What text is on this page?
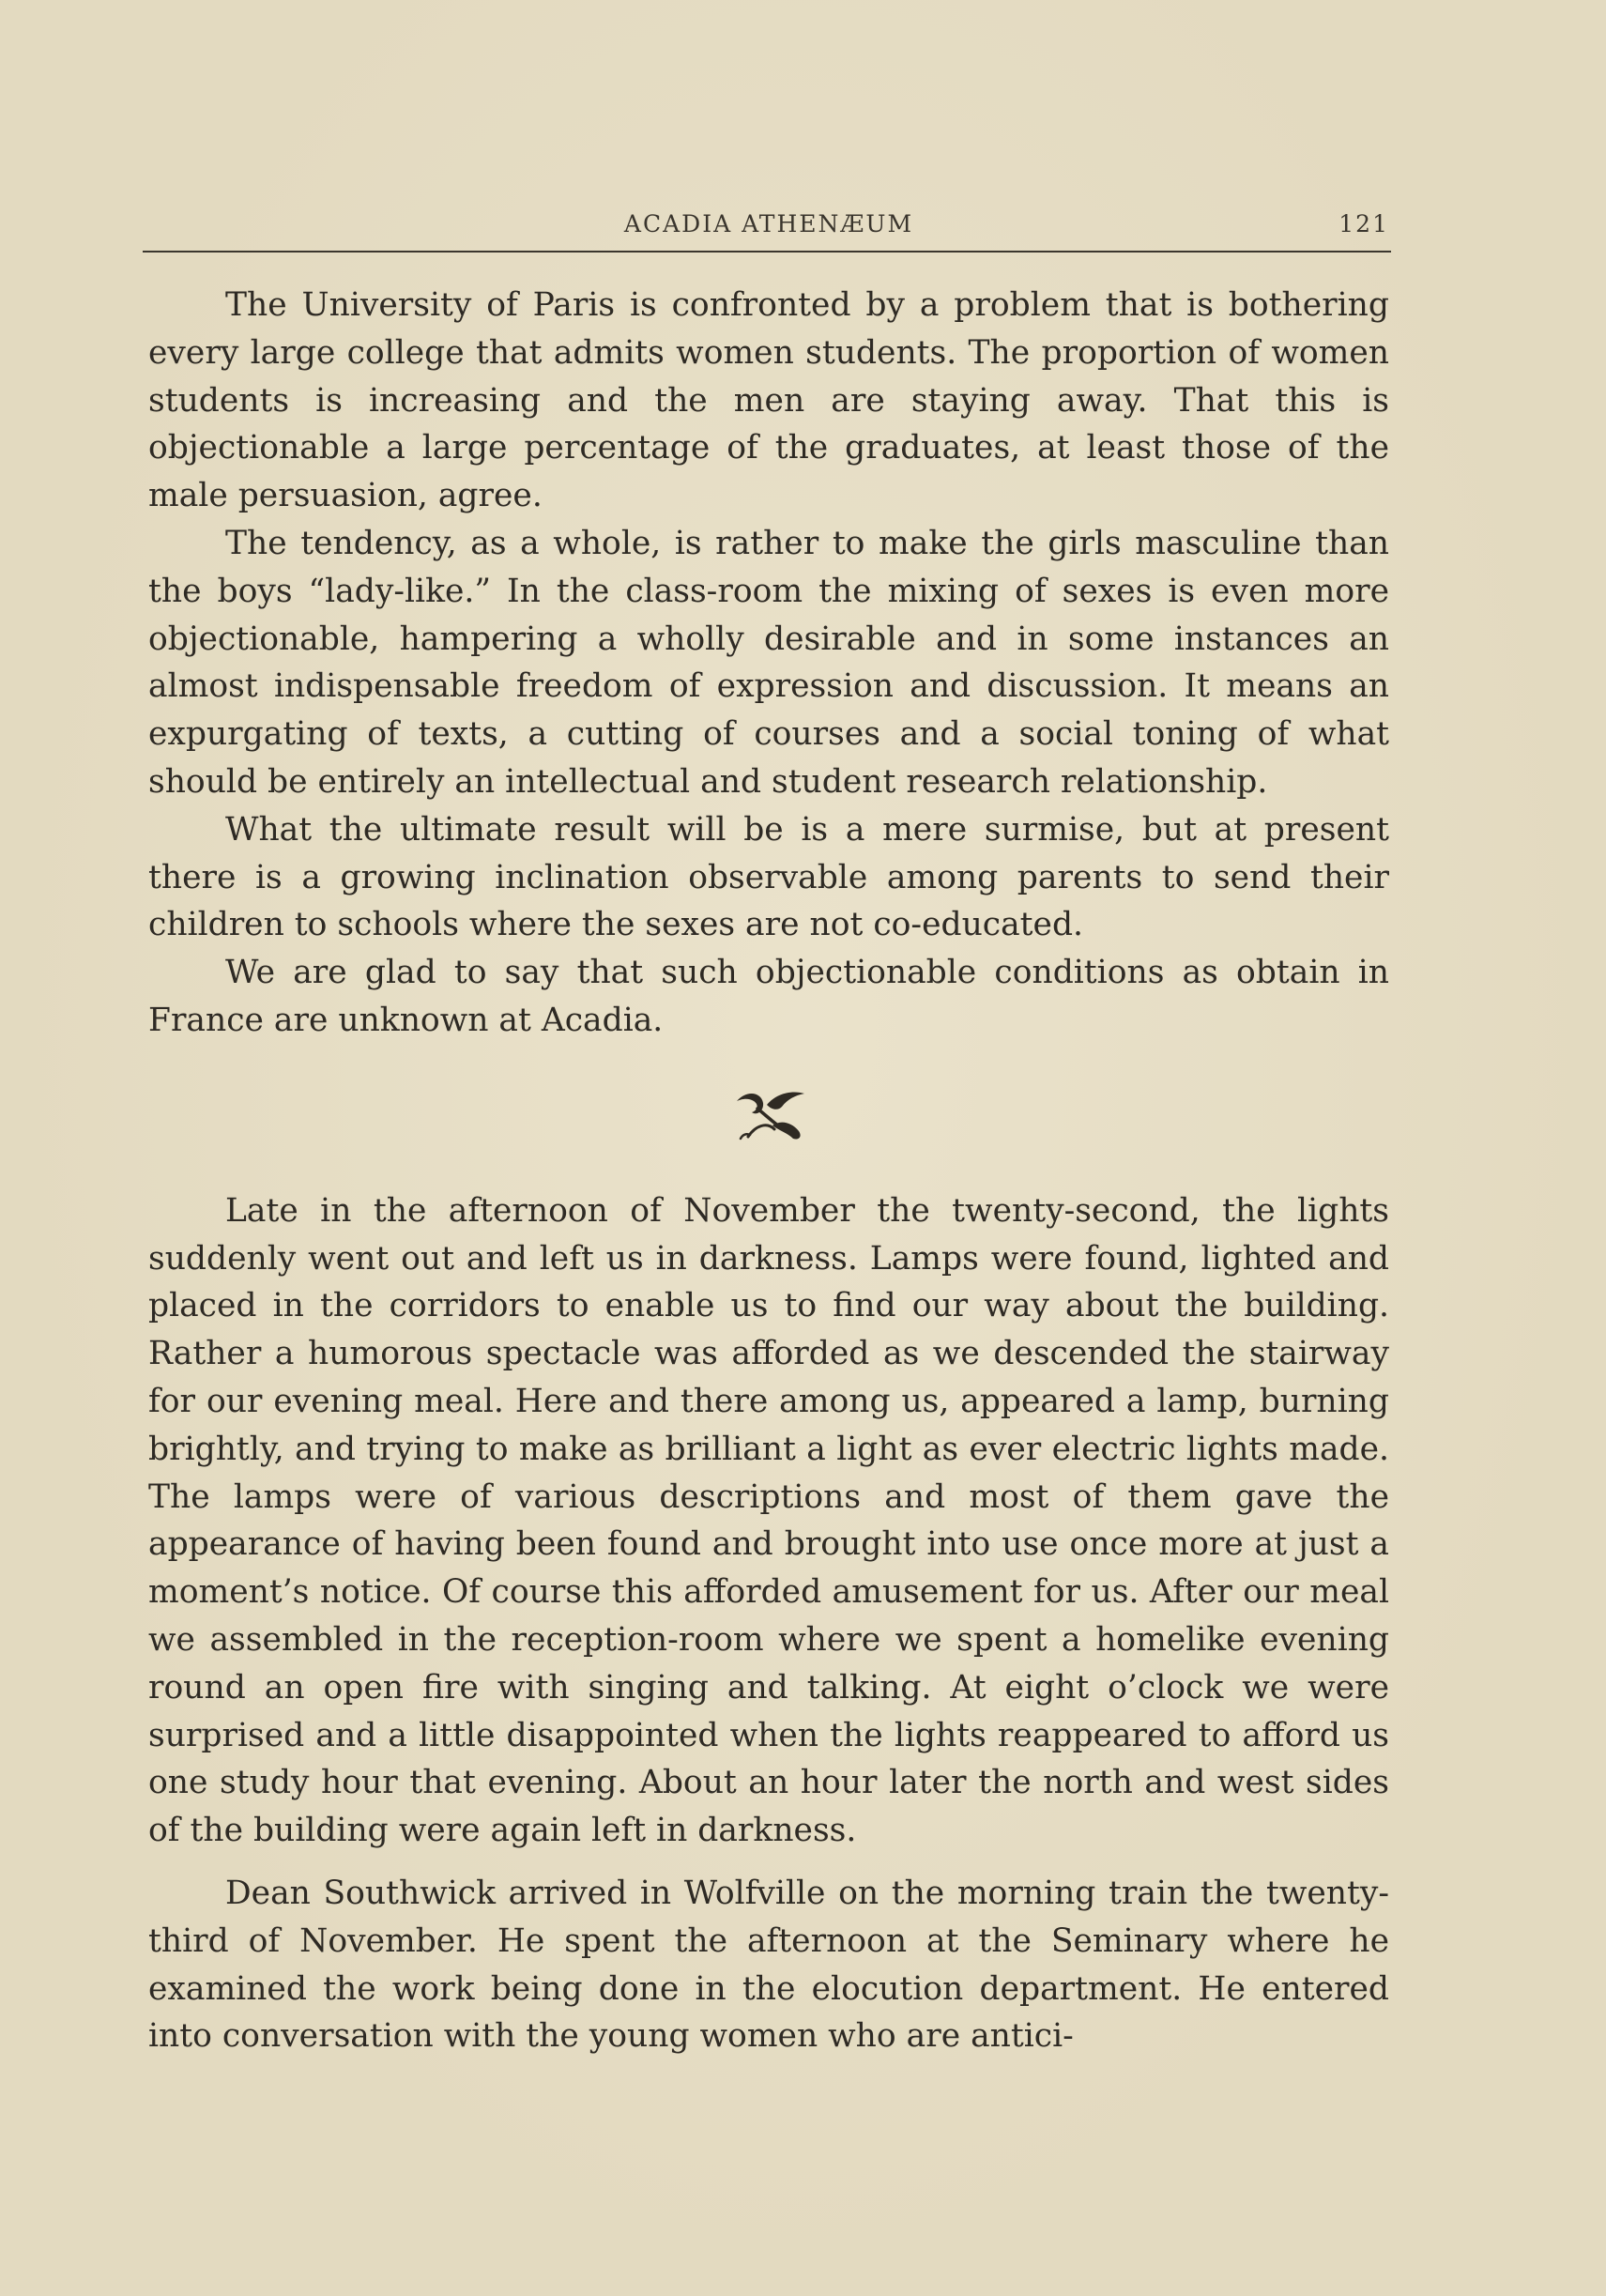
ACADIA ATHENÆUM	121

The University of Paris is confronted by a problem that is bothering every large college that admits women students. The proportion of women students is increasing and the men are staying away. That this is objectionable a large percentage of the graduates, at least those of the male persuasion, agree.

The tendency, as a whole, is rather to make the girls masculine than the boys “lady-like.” In the class-room the mixing of sexes is even more objectionable, hampering a wholly desirable and in some instances an almost indispensable freedom of expression and discussion. It means an expurgating of texts, a cutting of courses and a social toning of what should be entirely an intellectual and student research relationship.

What the ultimate result will be is a mere surmise, but at present there is a growing inclination observable among parents to send their children to schools where the sexes are not co-educated.

We are glad to say that such objectionable conditions as obtain in France are unknown at Acadia.

Late in the afternoon of November the twenty-second, the lights suddenly went out and left us in darkness. Lamps were found, lighted and placed in the corridors to enable us to find our way about the building. Rather a humorous spectacle was afforded as we descended the stairway for our evening meal. Here and there among us, appeared a lamp, burning brightly, and trying to make as brilliant a light as ever electric lights made. The lamps were of various descriptions and most of them gave the appearance of having been found and brought into use once more at just a moment’s notice. Of course this afforded amusement for us. After our meal we assembled in the reception-room where we spent a homelike evening round an open fire with singing and talking. At eight o’clock we were surprised and a little disappointed when the lights reappeared to afford us one study hour that evening. About an hour later the north and west sides of the building were again left in darkness.

Dean Southwick arrived in Wolfville on the morning train the twenty-third of November. He spent the afternoon at the Seminary where he examined the work being done in the elocution department. He entered into conversation with the young women who are antici-
